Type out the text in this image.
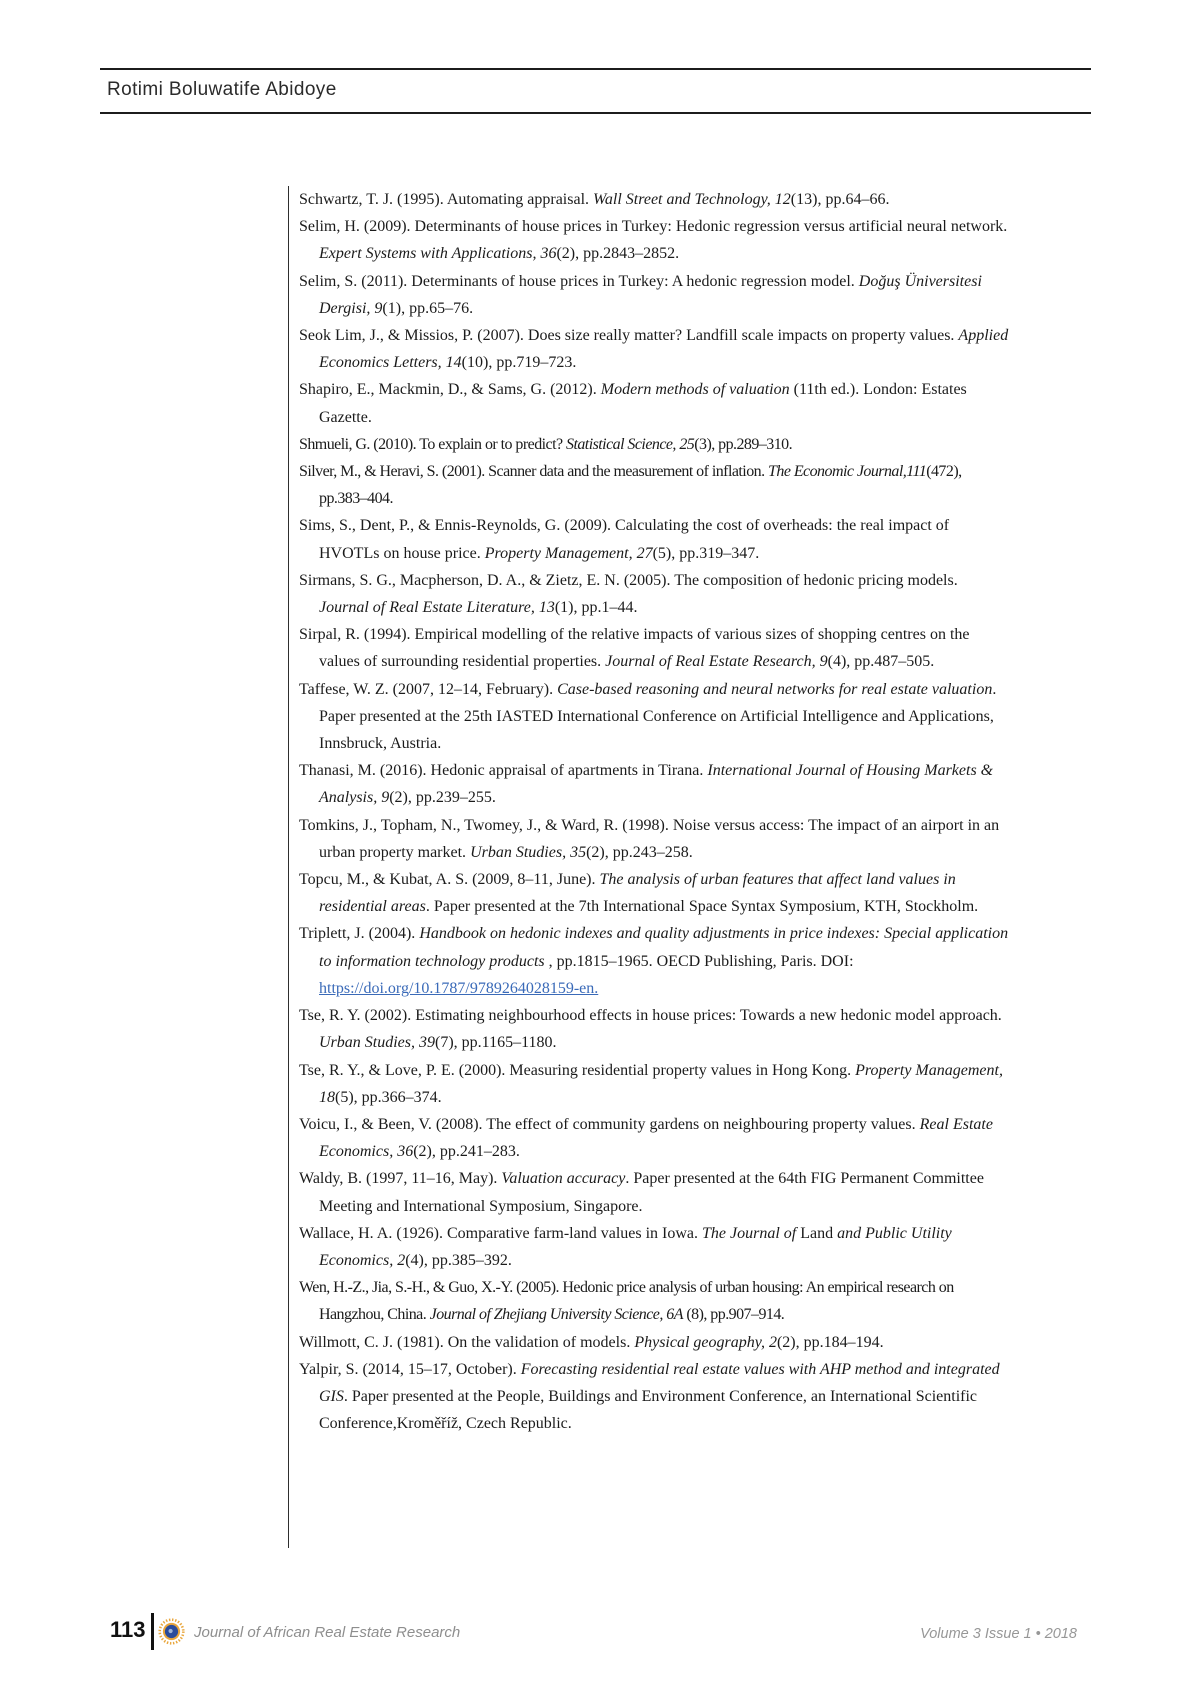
Rotimi Boluwatife Abidoye

Schwartz, T. J. (1995). Automating appraisal. Wall Street and Technology, 12(13), pp.64–66.

Selim, H. (2009). Determinants of house prices in Turkey: Hedonic regression versus artificial neural network. Expert Systems with Applications, 36(2), pp.2843–2852.

Selim, S. (2011). Determinants of house prices in Turkey: A hedonic regression model. Doğuş Üniversitesi Dergisi, 9(1), pp.65–76.

Seok Lim, J., & Missios, P. (2007). Does size really matter? Landfill scale impacts on property values. Applied Economics Letters, 14(10), pp.719–723.

Shapiro, E., Mackmin, D., & Sams, G. (2012). Modern methods of valuation (11th ed.). London: Estates Gazette.

Shmueli, G. (2010). To explain or to predict? Statistical Science, 25(3), pp.289–310.

Silver, M., & Heravi, S. (2001). Scanner data and the measurement of inflation. The Economic Journal,111(472), pp.383–404.

Sims, S., Dent, P., & Ennis-Reynolds, G. (2009). Calculating the cost of overheads: the real impact of HVOTLs on house price. Property Management, 27(5), pp.319–347.

Sirmans, S. G., Macpherson, D. A., & Zietz, E. N. (2005). The composition of hedonic pricing models. Journal of Real Estate Literature, 13(1), pp.1–44.

Sirpal, R. (1994). Empirical modelling of the relative impacts of various sizes of shopping centres on the values of surrounding residential properties. Journal of Real Estate Research, 9(4), pp.487–505.

Taffese, W. Z. (2007, 12–14, February). Case-based reasoning and neural networks for real estate valuation. Paper presented at the 25th IASTED International Conference on Artificial Intelligence and Applications, Innsbruck, Austria.

Thanasi, M. (2016). Hedonic appraisal of apartments in Tirana. International Journal of Housing Markets & Analysis, 9(2), pp.239–255.

Tomkins, J., Topham, N., Twomey, J., & Ward, R. (1998). Noise versus access: The impact of an airport in an urban property market. Urban Studies, 35(2), pp.243–258.

Topcu, M., & Kubat, A. S. (2009, 8–11, June). The analysis of urban features that affect land values in residential areas. Paper presented at the 7th International Space Syntax Symposium, KTH, Stockholm.

Triplett, J. (2004). Handbook on hedonic indexes and quality adjustments in price indexes: Special application to information technology products , pp.1815–1965. OECD Publishing, Paris. DOI: https://doi.org/10.1787/9789264028159-en.

Tse, R. Y. (2002). Estimating neighbourhood effects in house prices: Towards a new hedonic model approach. Urban Studies, 39(7), pp.1165–1180.

Tse, R. Y., & Love, P. E. (2000). Measuring residential property values in Hong Kong. Property Management, 18(5), pp.366–374.

Voicu, I., & Been, V. (2008). The effect of community gardens on neighbouring property values. Real Estate Economics, 36(2), pp.241–283.

Waldy, B. (1997, 11–16, May). Valuation accuracy. Paper presented at the 64th FIG Permanent Committee Meeting and International Symposium, Singapore.

Wallace, H. A. (1926). Comparative farm-land values in Iowa. The Journal of Land and Public Utility Economics, 2(4), pp.385–392.

Wen, H.-Z., Jia, S.-H., & Guo, X.-Y. (2005). Hedonic price analysis of urban housing: An empirical research on Hangzhou, China. Journal of Zhejiang University Science, 6A (8), pp.907–914.

Willmott, C. J. (1981). On the validation of models. Physical geography, 2(2), pp.184–194.

Yalpir, S. (2014, 15–17, October). Forecasting residential real estate values with AHP method and integrated GIS. Paper presented at the People, Buildings and Environment Conference, an International Scientific Conference,Kroměříž, Czech Republic.

113	Journal of African Real Estate Research	Volume 3 Issue 1 • 2018
